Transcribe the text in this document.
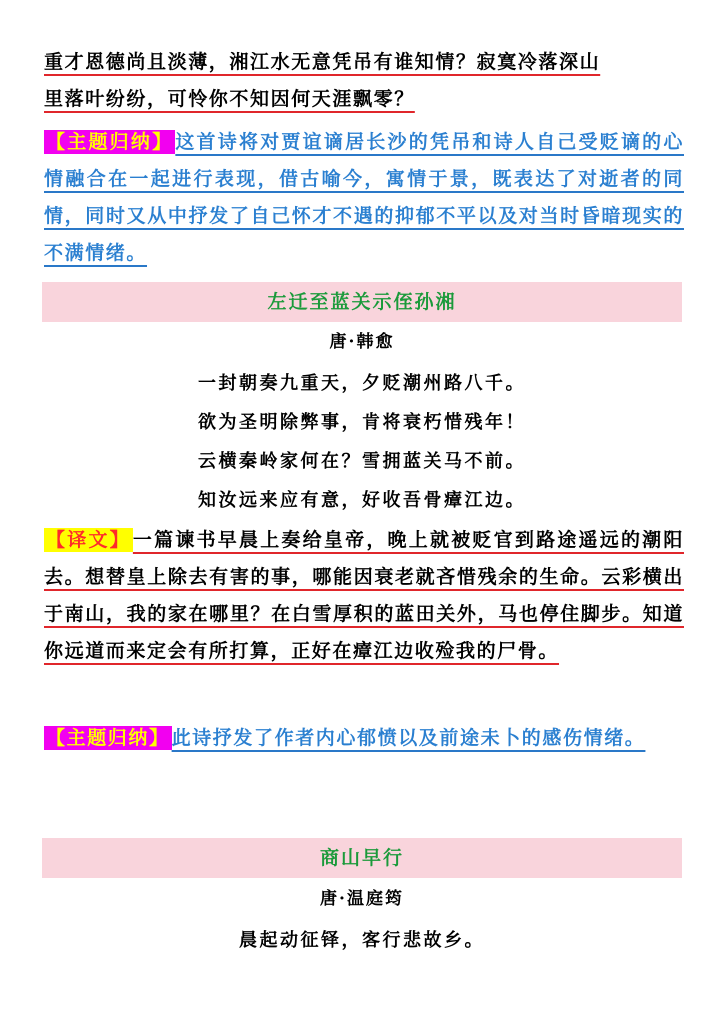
重才恩德尚且淡薄，湘江水无意凭吊有谁知情？寂寞冷落深山
里落叶纷纷，可怜你不知因何天涯飘零？
【主题归纳】 这首诗将对贾谊谪居长沙的凭吊和诗人自己受贬谪的心情融合在一起进行表现，借古喻今，寓情于景，既表达了对逝者的同情，同时又从中抒发了自己怀才不遇的抑郁不平以及对当时昏暗现实的不满情绪。
左迁至蓝关示侄孙湘
唐·韩愈
一封朝奏九重天，夕贬潮州路八千。
欲为圣明除弊事，肯将衰朽惜残年！
云横秦岭家何在？雪拥蓝关马不前。
知汝远来应有意，好收吾骨瘴江边。
【译文】 一篇谏书早晨上奏给皇帝，晚上就被贬官到路途遥远的潮阳去。想替皇上除去有害的事，哪能因衰老就吝惜残余的生命。云彩横出于南山，我的家在哪里？在白雪厚积的蓝田关外，马也停住脚步。知道你远道而来定会有所打算，正好在瘴江边收殓我的尸骨。
【主题归纳】 此诗抒发了作者内心郁愤以及前途未卜的感伤情绪。
商山早行
唐·温庭筠
晨起动征铎，客行悲故乡。
